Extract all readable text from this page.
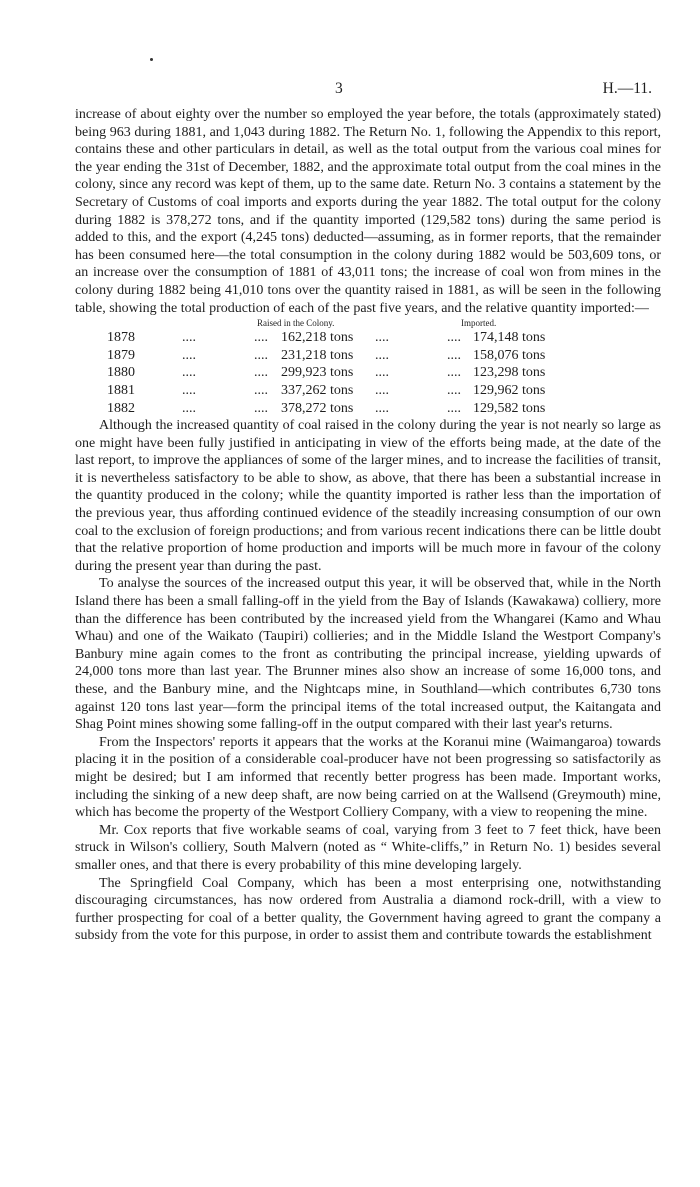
3	H.—11.

increase of about eighty over the number so employed the year before, the totals (approximately stated) being 963 during 1881, and 1,043 during 1882. The Return No. 1, following the Appendix to this report, contains these and other particulars in detail, as well as the total output from the various coal mines for the year ending the 31st of December, 1882, and the approximate total output from the coal mines in the colony, since any record was kept of them, up to the same date. Return No. 3 contains a statement by the Secretary of Customs of coal imports and exports during the year 1882. The total output for the colony during 1882 is 378,272 tons, and if the quantity imported (129,582 tons) during the same period is added to this, and the export (4,245 tons) deducted—assuming, as in former reports, that the remainder has been consumed here—the total consumption in the colony during 1882 would be 503,609 tons, or an increase over the consumption of 1881 of 43,011 tons; the increase of coal won from mines in the colony during 1882 being 41,010 tons over the quantity raised in 1881, as will be seen in the following table, showing the total production of each of the past five years, and the relative quantity imported:—

Raised in the Colony.	Imported.
1878	....	.... 162,218 tons ....	.... 174,148 tons
1879	....	.... 231,218 tons ....	.... 158,076 tons
1880	....	.... 299,923 tons ....	.... 123,298 tons
1881	....	.... 337,262 tons ....	.... 129,962 tons
1882	....	.... 378,272 tons ....	.... 129,582 tons

Although the increased quantity of coal raised in the colony during the year is not nearly so large as one might have been fully justified in anticipating in view of the efforts being made, at the date of the last report, to improve the appliances of some of the larger mines, and to increase the facilities of transit, it is nevertheless satisfactory to be able to show, as above, that there has been a substantial increase in the quantity produced in the colony; while the quantity imported is rather less than the importation of the previous year, thus affording continued evidence of the steadily increasing consumption of our own coal to the exclusion of foreign productions; and from various recent indications there can be little doubt that the relative proportion of home production and imports will be much more in favour of the colony during the present year than during the past.

To analyse the sources of the increased output this year, it will be observed that, while in the North Island there has been a small falling-off in the yield from the Bay of Islands (Kawakawa) colliery, more than the difference has been contributed by the increased yield from the Whangarei (Kamo and Whau Whau) and one of the Waikato (Taupiri) collieries; and in the Middle Island the Westport Company's Banbury mine again comes to the front as contributing the principal increase, yielding upwards of 24,000 tons more than last year. The Brunner mines also show an increase of some 16,000 tons, and these, and the Banbury mine, and the Nightcaps mine, in Southland—which contributes 6,730 tons against 120 tons last year—form the principal items of the total increased output, the Kaitangata and Shag Point mines showing some falling-off in the output compared with their last year's returns.

From the Inspectors' reports it appears that the works at the Koranui mine (Waimangaroa) towards placing it in the position of a considerable coal-producer have not been progressing so satisfactorily as might be desired; but I am informed that recently better progress has been made. Important works, including the sinking of a new deep shaft, are now being carried on at the Wallsend (Greymouth) mine, which has become the property of the Westport Colliery Company, with a view to reopening the mine.

Mr. Cox reports that five workable seams of coal, varying from 3 feet to 7 feet thick, have been struck in Wilson's colliery, South Malvern (noted as “ White-cliffs,” in Return No. 1) besides several smaller ones, and that there is every probability of this mine developing largely.

The Springfield Coal Company, which has been a most enterprising one, notwithstanding discouraging circumstances, has now ordered from Australia a diamond rock-drill, with a view to further prospecting for coal of a better quality, the Government having agreed to grant the company a subsidy from the vote for this purpose, in order to assist them and contribute towards the establishment
